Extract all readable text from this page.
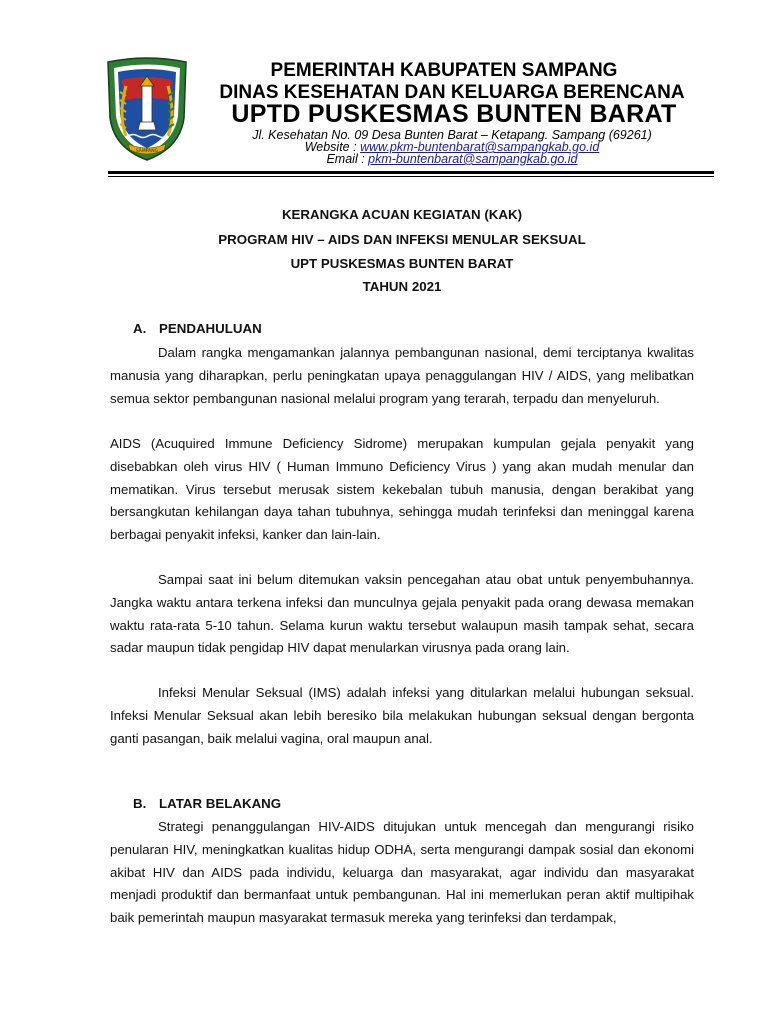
SAMPANG
PEMERINTAH KABUPATEN SAMPANG
DINAS KESEHATAN DAN KELUARGA BERENCANA
UPTD PUSKESMAS BUNTEN BARAT
Jl. Kesehatan No. 09 Desa Bunten Barat – Ketapang. Sampang (69261)
Website : www.pkm-buntenbarat@sampangkab.go.id
Email : pkm-buntenbarat@sampangkab.go.id
KERANGKA ACUAN KEGIATAN (KAK)
PROGRAM HIV – AIDS DAN INFEKSI MENULAR SEKSUAL
UPT PUSKESMAS BUNTEN BARAT
TAHUN 2021
A. PENDAHULUAN

Dalam rangka mengamankan jalannya pembangunan nasional, demi terciptanya kwalitas manusia yang diharapkan, perlu peningkatan upaya penaggulangan HIV / AIDS, yang melibatkan semua sektor pembangunan nasional melalui program yang terarah, terpadu dan menyeluruh.

AIDS (Acuquired Immune Deficiency Sidrome) merupakan kumpulan gejala penyakit yang disebabkan oleh virus HIV ( Human Immuno Deficiency Virus ) yang akan mudah menular dan mematikan. Virus tersebut merusak sistem kekebalan tubuh manusia, dengan berakibat yang bersangkutan kehilangan daya tahan tubuhnya, sehingga mudah terinfeksi dan meninggal karena berbagai penyakit infeksi, kanker dan lain-lain.

Sampai saat ini belum ditemukan vaksin pencegahan atau obat untuk penyembuhannya. Jangka waktu antara terkena infeksi dan munculnya gejala penyakit pada orang dewasa memakan waktu rata-rata 5-10 tahun. Selama kurun waktu tersebut walaupun masih tampak sehat, secara sadar maupun tidak pengidap HIV dapat menularkan virusnya pada orang lain.

Infeksi Menular Seksual (IMS) adalah infeksi yang ditularkan melalui hubungan seksual. Infeksi Menular Seksual akan lebih beresiko bila melakukan hubungan seksual dengan bergonta ganti pasangan, baik melalui vagina, oral maupun anal.

B. LATAR BELAKANG

Strategi penanggulangan HIV-AIDS ditujukan untuk mencegah dan mengurangi risiko penularan HIV, meningkatkan kualitas hidup ODHA, serta mengurangi dampak sosial dan ekonomi akibat HIV dan AIDS pada individu, keluarga dan masyarakat, agar individu dan masyarakat menjadi produktif dan bermanfaat untuk pembangunan. Hal ini memerlukan peran aktif multipihak baik pemerintah maupun masyarakat termasuk mereka yang terinfeksi dan terdampak,
